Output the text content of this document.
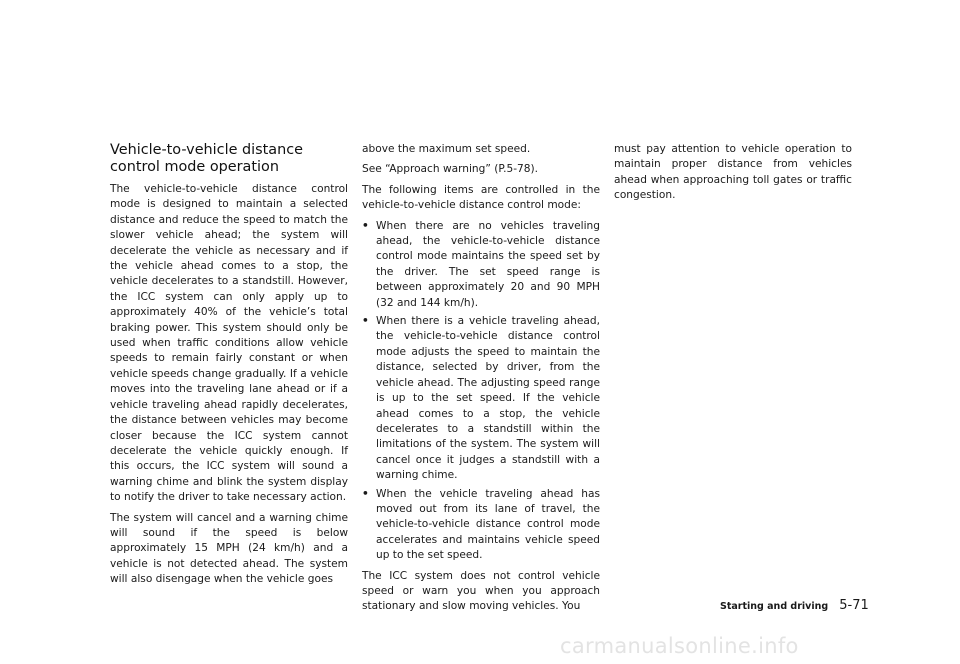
Vehicle-to-vehicle distance control mode operation

The vehicle-to-vehicle distance control mode is designed to maintain a selected distance and reduce the speed to match the slower vehicle ahead; the system will decelerate the vehicle as necessary and if the vehicle ahead comes to a stop, the vehicle decelerates to a standstill. However, the ICC system can only apply up to approximately 40% of the vehicle’s total braking power. This system should only be used when traffic conditions allow vehicle speeds to remain fairly constant or when vehicle speeds change gradually. If a vehicle moves into the traveling lane ahead or if a vehicle traveling ahead rapidly decelerates, the distance between vehicles may become closer because the ICC system cannot decelerate the vehicle quickly enough. If this occurs, the ICC system will sound a warning chime and blink the system display to notify the driver to take necessary action.

The system will cancel and a warning chime will sound if the speed is below approximately 15 MPH (24 km/h) and a vehicle is not detected ahead. The system will also disengage when the vehicle goes

above the maximum set speed.

See “Approach warning” (P.5-78).

The following items are controlled in the vehicle-to-vehicle distance control mode:

• When there are no vehicles traveling ahead, the vehicle-to-vehicle distance control mode maintains the speed set by the driver. The set speed range is between approximately 20 and 90 MPH (32 and 144 km/h).
• When there is a vehicle traveling ahead, the vehicle-to-vehicle distance control mode adjusts the speed to maintain the distance, selected by driver, from the vehicle ahead. The adjusting speed range is up to the set speed. If the vehicle ahead comes to a stop, the vehicle decelerates to a standstill within the limitations of the system. The system will cancel once it judges a standstill with a warning chime.
• When the vehicle traveling ahead has moved out from its lane of travel, the vehicle-to-vehicle distance control mode accelerates and maintains vehicle speed up to the set speed.

The ICC system does not control vehicle speed or warn you when you approach stationary and slow moving vehicles. You

must pay attention to vehicle operation to maintain proper distance from vehicles ahead when approaching toll gates or traffic congestion.

Starting and driving 5-71
carmanualsonline.info
